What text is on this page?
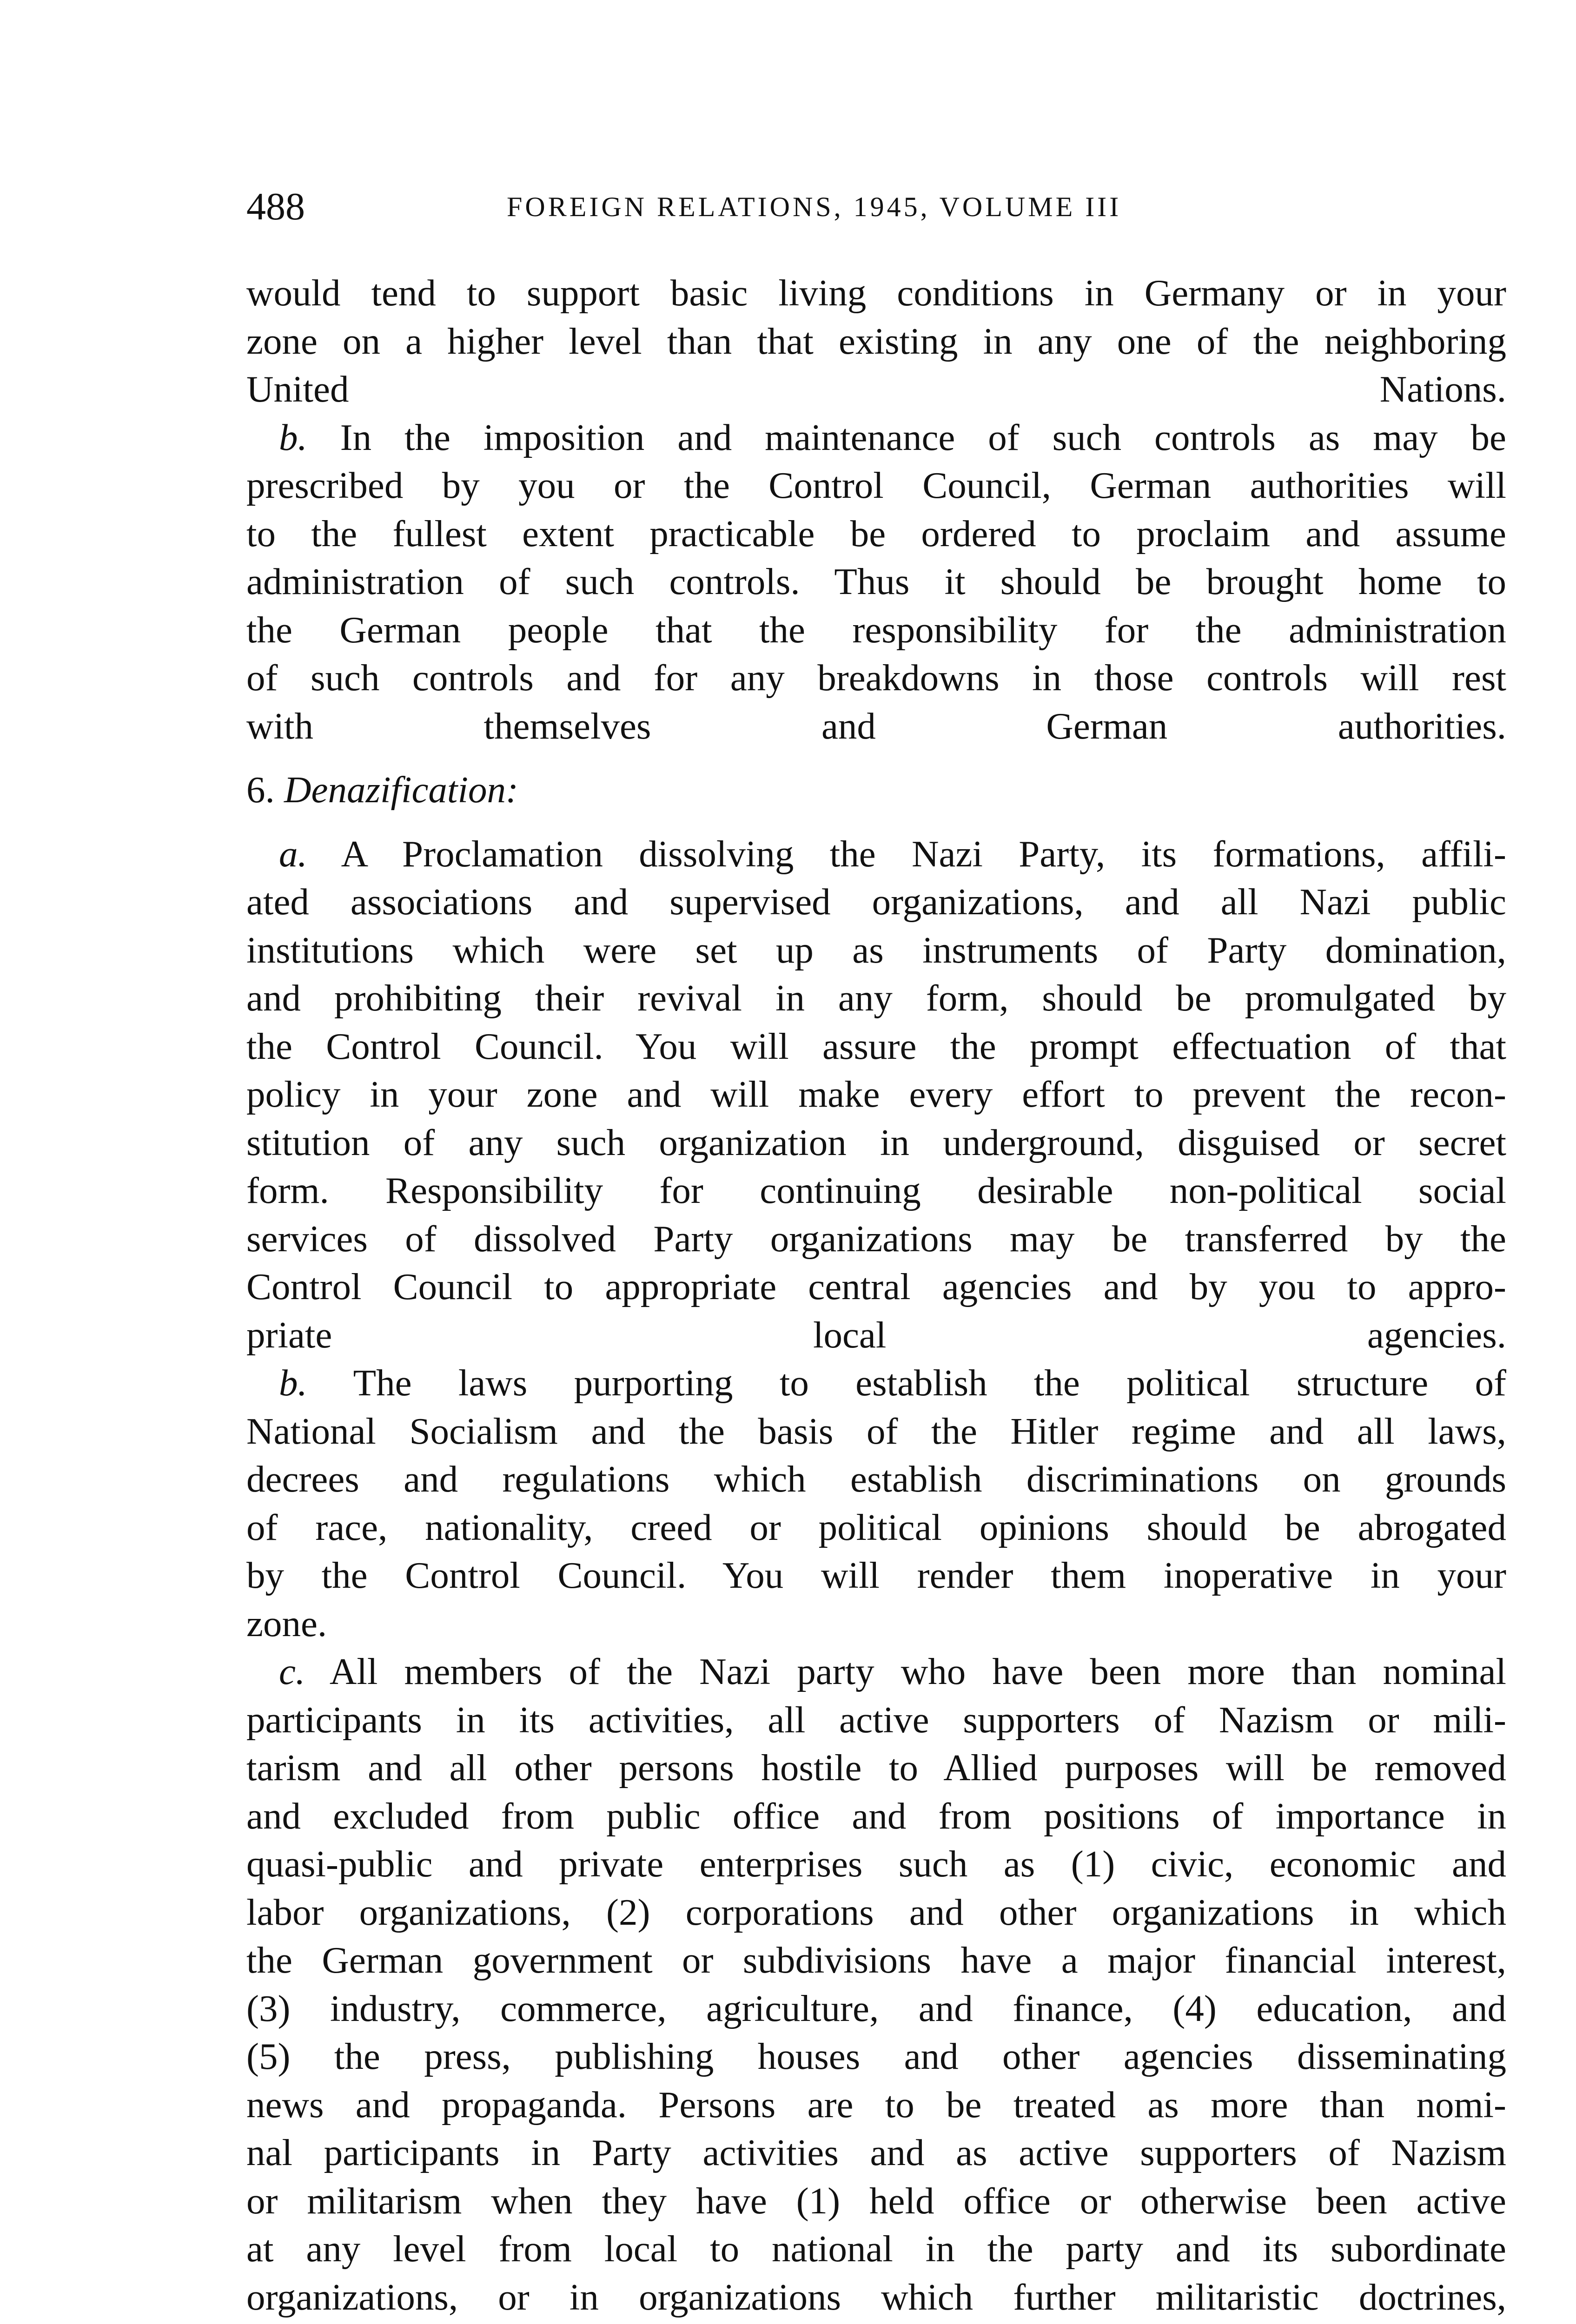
488	FOREIGN RELATIONS, 1945, VOLUME III
would tend to support basic living conditions in Germany or in your
zone on a higher level than that existing in any one of the neighboring
United Nations.
b. In the imposition and maintenance of such controls as may be
prescribed by you or the Control Council, German authorities will
to the fullest extent practicable be ordered to proclaim and assume
administration of such controls. Thus it should be brought home to
the German people that the responsibility for the administration
of such controls and for any breakdowns in those controls will rest
with themselves and German authorities.
6. Denazification:
a. A Proclamation dissolving the Nazi Party, its formations, affili-
ated associations and supervised organizations, and all Nazi public
institutions which were set up as instruments of Party domination,
and prohibiting their revival in any form, should be promulgated by
the Control Council. You will assure the prompt effectuation of that
policy in your zone and will make every effort to prevent the recon-
stitution of any such organization in underground, disguised or secret
form. Responsibility for continuing desirable non-political social
services of dissolved Party organizations may be transferred by the
Control Council to appropriate central agencies and by you to appro-
priate local agencies.
b. The laws purporting to establish the political structure of
National Socialism and the basis of the Hitler regime and all laws,
decrees and regulations which establish discriminations on grounds
of race, nationality, creed or political opinions should be abrogated
by the Control Council. You will render them inoperative in your
zone.
c. All members of the Nazi party who have been more than nominal
participants in its activities, all active supporters of Nazism or mili-
tarism and all other persons hostile to Allied purposes will be removed
and excluded from public office and from positions of importance in
quasi-public and private enterprises such as (1) civic, economic and
labor organizations, (2) corporations and other organizations in which
the German government or subdivisions have a major financial interest,
(3) industry, commerce, agriculture, and finance, (4) education, and
(5) the press, publishing houses and other agencies disseminating
news and propaganda. Persons are to be treated as more than nomi-
nal participants in Party activities and as active supporters of Nazism
or militarism when they have (1) held office or otherwise been active
at any level from local to national in the party and its subordinate
organizations, or in organizations which further militaristic doctrines,
